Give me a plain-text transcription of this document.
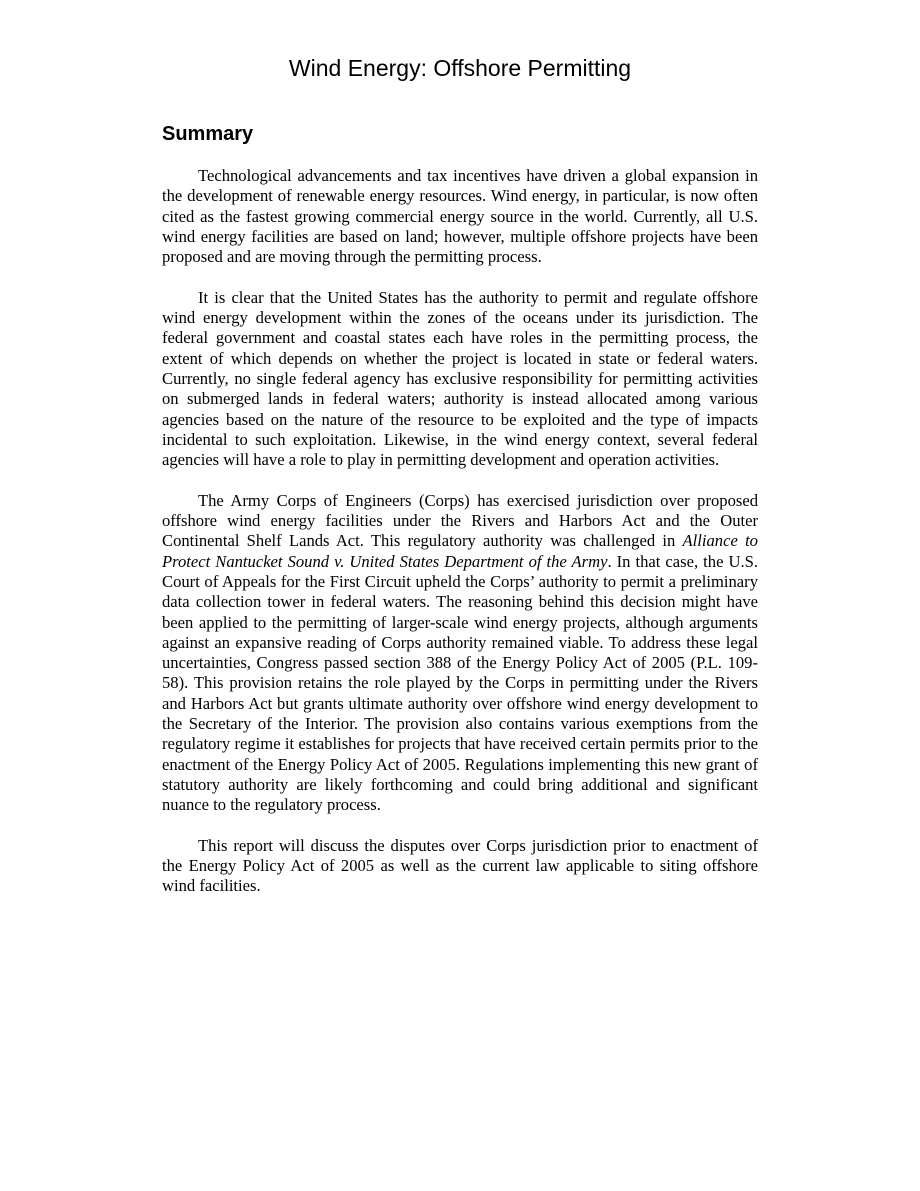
Wind Energy: Offshore Permitting
Summary

Technological advancements and tax incentives have driven a global expansion in the development of renewable energy resources. Wind energy, in particular, is now often cited as the fastest growing commercial energy source in the world. Currently, all U.S. wind energy facilities are based on land; however, multiple offshore projects have been proposed and are moving through the permitting process.

It is clear that the United States has the authority to permit and regulate offshore wind energy development within the zones of the oceans under its jurisdiction. The federal government and coastal states each have roles in the permitting process, the extent of which depends on whether the project is located in state or federal waters. Currently, no single federal agency has exclusive responsibility for permitting activities on submerged lands in federal waters; authority is instead allocated among various agencies based on the nature of the resource to be exploited and the type of impacts incidental to such exploitation. Likewise, in the wind energy context, several federal agencies will have a role to play in permitting development and operation activities.

The Army Corps of Engineers (Corps) has exercised jurisdiction over proposed offshore wind energy facilities under the Rivers and Harbors Act and the Outer Continental Shelf Lands Act. This regulatory authority was challenged in Alliance to Protect Nantucket Sound v. United States Department of the Army. In that case, the U.S. Court of Appeals for the First Circuit upheld the Corps’ authority to permit a preliminary data collection tower in federal waters. The reasoning behind this decision might have been applied to the permitting of larger-scale wind energy projects, although arguments against an expansive reading of Corps authority remained viable. To address these legal uncertainties, Congress passed section 388 of the Energy Policy Act of 2005 (P.L. 109-58). This provision retains the role played by the Corps in permitting under the Rivers and Harbors Act but grants ultimate authority over offshore wind energy development to the Secretary of the Interior. The provision also contains various exemptions from the regulatory regime it establishes for projects that have received certain permits prior to the enactment of the Energy Policy Act of 2005. Regulations implementing this new grant of statutory authority are likely forthcoming and could bring additional and significant nuance to the regulatory process.

This report will discuss the disputes over Corps jurisdiction prior to enactment of the Energy Policy Act of 2005 as well as the current law applicable to siting offshore wind facilities.
